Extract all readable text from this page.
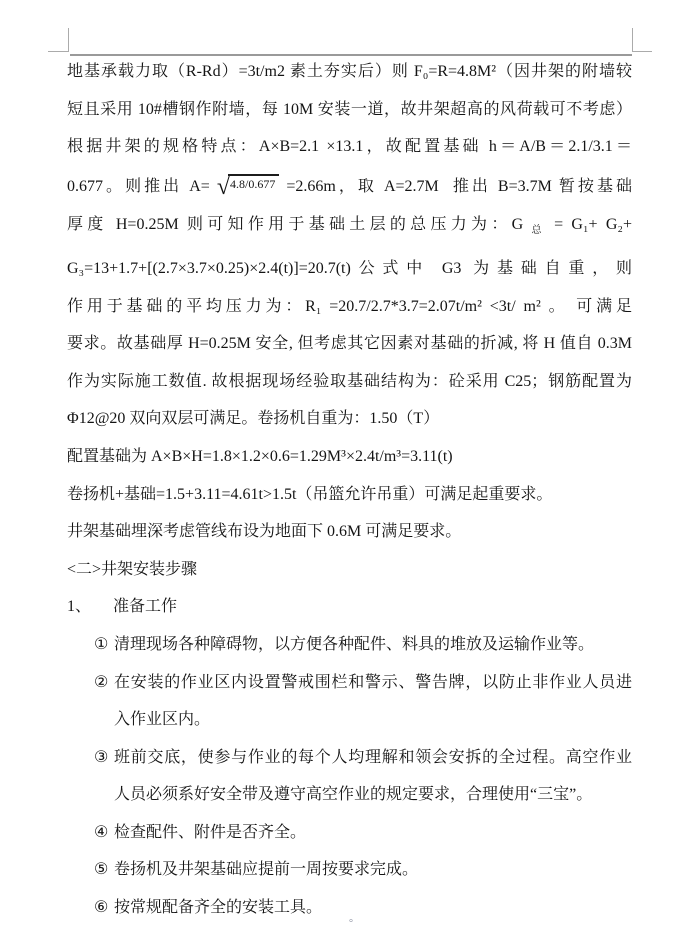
地基承载力取（R-Rd）=3t/m2 素土夯实后）则 F₀=R=4.8M²（因井架的附墙较
短且采用 10#槽钢作附墙，每 10M 安装一道，故井架超高的风荷载可不考虑）
根据井架的规格特点：A×B=2.1 ×13.1，故配置基础 h＝A/B＝2.1/3.1＝
0.677。则推出 A= √ 4.8/0.677 =2.66m，取 A=2.7M  推出 B=3.7M 暂按基础
厚度 H=0.25M 则可知作用于基础土层的总压力为：G $_总$ = G₁+ G₂+
G₃=13+1.7+[(2.7×3.7×0.25)×2.4(t)]=20.7(t)公式中 G3 为基础自重，则
作用于基础的平均压力为：R₁ =20.7/2.7*3.7=2.07t/m² <3t/ m² 。 可满足
要求。故基础厚 H=0.25M 安全, 但考虑其它因素对基础的折减, 将 H 值自 0.3M
作为实际施工数值. 故根据现场经验取基础结构为：砼采用 C25；钢筋配置为
Φ12@20 双向双层可满足。卷扬机自重为：1.50（T）
配置基础为 A×B×H=1.8×1.2×0.6=1.29M³×2.4t/m³=3.11(t)
卷扬机+基础=1.5+3.11=4.61t>1.5t（吊篮允许吊重）可满足起重要求。
井架基础埋深考虑管线布设为地面下 0.6M 可满足要求。
<二>井架安装步骤
1、 准备工作
① 清理现场各种障碍物，以方便各种配件、料具的堆放及运输作业等。
② 在安装的作业区内设置警戒围栏和警示、警告牌，以防止非作业人员进
入作业区内。
③ 班前交底，使参与作业的每个人均理解和领会安拆的全过程。高空作业
人员必须系好安全带及遵守高空作业的规定要求，合理使用“三宝”。
④ 检查配件、附件是否齐全。
⑤ 卷扬机及井架基础应提前一周按要求完成。
⑥ 按常规配备齐全的安装工具。
°
